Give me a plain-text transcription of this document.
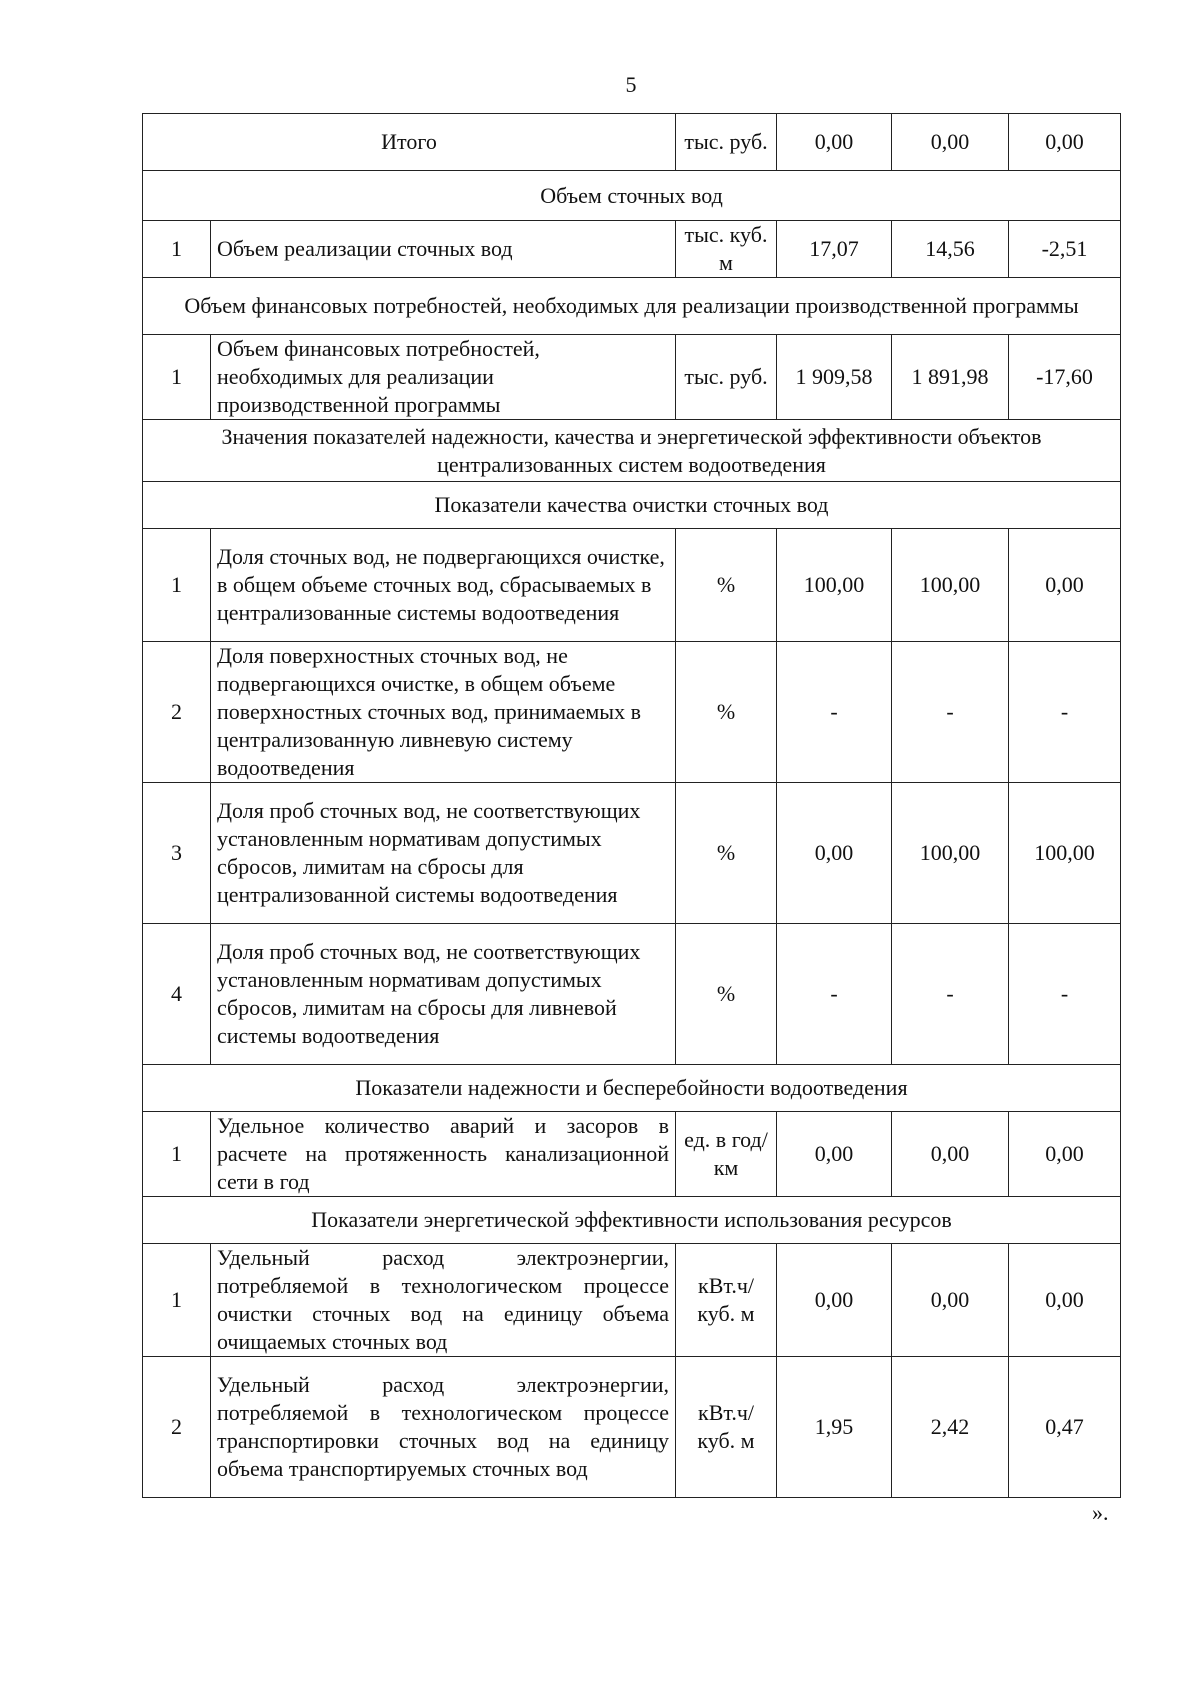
5
Итого		тыс. руб.	0,00	0,00	0,00
Объем сточных вод					
1	Объем реализации сточных вод	тыс. куб. м	17,07	14,56	-2,51
Объем финансовых потребностей, необходимых для реализации производственной программы					
1	Объем финансовых потребностей, необходимых для реализации производственной программы	тыс. руб.	1 909,58	1 891,98	-17,60
Значения показателей надежности, качества и энергетической эффективности объектов централизованных систем водоотведения					
Показатели качества очистки сточных вод					
1	Доля сточных вод, не подвергающихся очистке, в общем объеме сточных вод, сбрасываемых в централизованные системы водоотведения	%	100,00	100,00	0,00
2	Доля поверхностных сточных вод, не подвергающихся очистке, в общем объеме поверхностных сточных вод, принимаемых в централизованную ливневую систему водоотведения	%	-	-	-
3	Доля проб сточных вод, не соответствующих установленным нормативам допустимых сбросов, лимитам на сбросы для централизованной системы водоотведения	%	0,00	100,00	100,00
4	Доля проб сточных вод, не соответствующих установленным нормативам допустимых сбросов, лимитам на сбросы для ливневой системы водоотведения	%	-	-	-
Показатели надежности и бесперебойности водоотведения					
1	Удельное количество аварий и засоров в расчете на протяженность канализационной сети в год	ед. в год/ км	0,00	0,00	0,00
Показатели энергетической эффективности использования ресурсов					
1	Удельный расход электроэнергии, потребляемой в технологическом процессе очистки сточных вод на единицу объема очищаемых сточных вод	кВт.ч/ куб. м	0,00	0,00	0,00
2	Удельный расход электроэнергии, потребляемой в технологическом процессе транспортировки сточных вод на единицу объема транспортируемых сточных вод	кВт.ч/ куб. м	1,95	2,42	0,47
».
